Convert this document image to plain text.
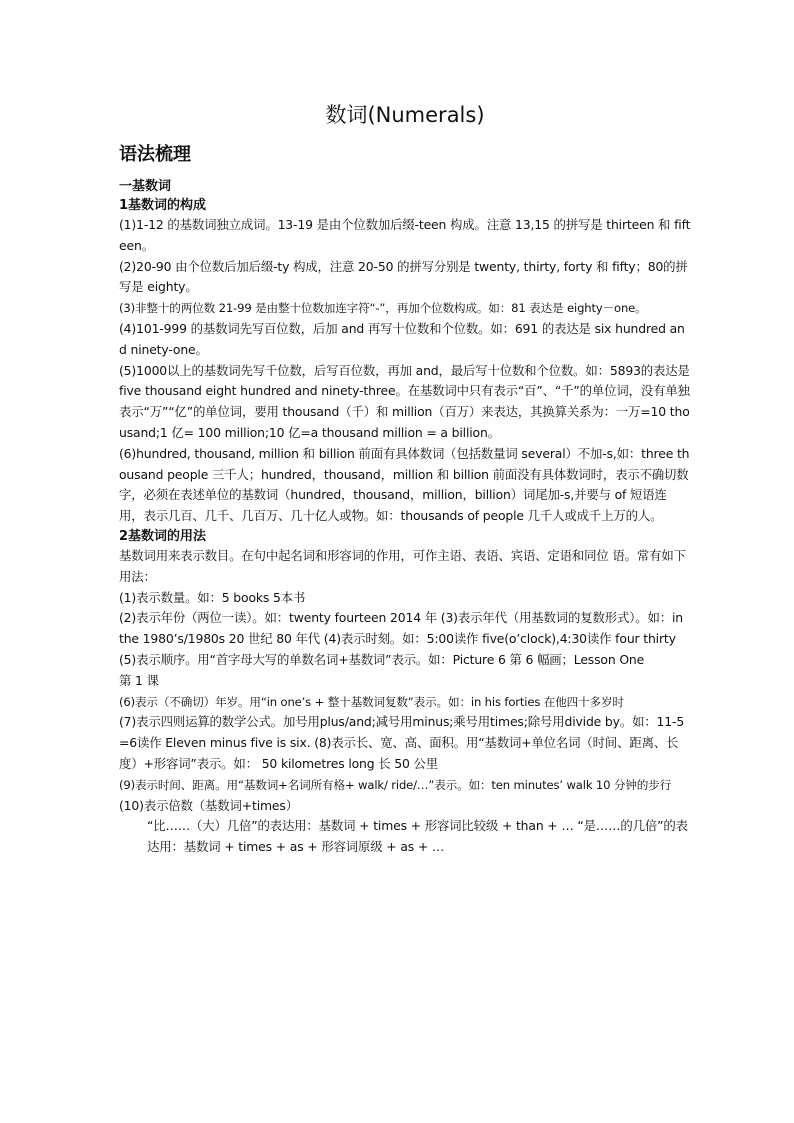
数词(Numerals)
语法梳理
一基数词
1基数词的构成

(1)1-12 的基数词独立成词。13-19 是由个位数加后缀-teen 构成。注意 13,15 的拼写是 thirteen 和 fifteen。

(2)20-90 由个位数后加后缀-ty 构成，注意 20-50 的拼写分别是 twenty, thirty, forty 和 fifty；80的拼写是 eighty。

(3)非整十的两位数 21-99 是由整十位数加连字符“-”，再加个位数构成。如：81 表达是 eighty－one。

(4)101-999 的基数词先写百位数，后加 and 再写十位数和个位数。如：691 的表达是 six hundred and ninety-one。

(5)1000以上的基数词先写千位数，后写百位数，再加 and，最后写十位数和个位数。如：5893的表达是five thousand eight hundred and ninety-three。在基数词中只有表示“百”、“千”的单位词，没有单独表示“万”“亿”的单位词，要用 thousand（千）和 million（百万）来表达，其换算关系为：一万=10 thousand;1 亿= 100 million;10 亿=a thousand million = a billion。

(6)hundred, thousand, million 和 billion 前面有具体数词（包括数量词 several）不加-s,如：three thousand people 三千人；hundred，thousand，million 和 billion 前面没有具体数词时，表示不确切数字，必须在表述单位的基数词（hundred，thousand，million，billion）词尾加-s,并要与 of 短语连用，表示几百、几千、几百万、几十亿人或物。如：thousands of people 几千人或成千上万的人。

2基数词的用法

基数词用来表示数目。在句中起名词和形容词的作用，可作主语、表语、宾语、定语和同位 语。常有如下用法：

(1)表示数量。如：5 books 5本书

(2)表示年份（两位一读）。如：twenty fourteen 2014 年 (3)表示年代（用基数词的复数形式）。如：in the 1980’s/1980s 20 世纪 80 年代 (4)表示时刻。如：5:00读作 five(o’clock),4:30读作 four thirty (5)表示顺序。用“首字母大写的单数名词+基数词”表示。如：Picture 6 第 6 幅画；Lesson One

第 1 课

(6)表示（不确切）年岁。用“in one’s + 整十基数词复数”表示。如：in his forties 在他四十多岁时

(7)表示四则运算的数学公式。加号用plus/and;减号用minus;乘号用times;除号用divide by。如：11-5=6读作 Eleven minus five is six. (8)表示长、宽、高、面积。用“基数词+单位名词（时间、距离、长度）+形容词”表示。如： 50 kilometres long 长 50 公里

(9)表示时间、距离。用“基数词+名词所有格+ walk/ ride/…”表示。如：ten minutes’ walk 10 分钟的步行

(10)表示倍数（基数词+times）

“比……（大）几倍”的表达用：基数词 + times + 形容词比较级 + than + … “是……的几倍”的表达用：基数词 + times + as + 形容词原级 + as + …
